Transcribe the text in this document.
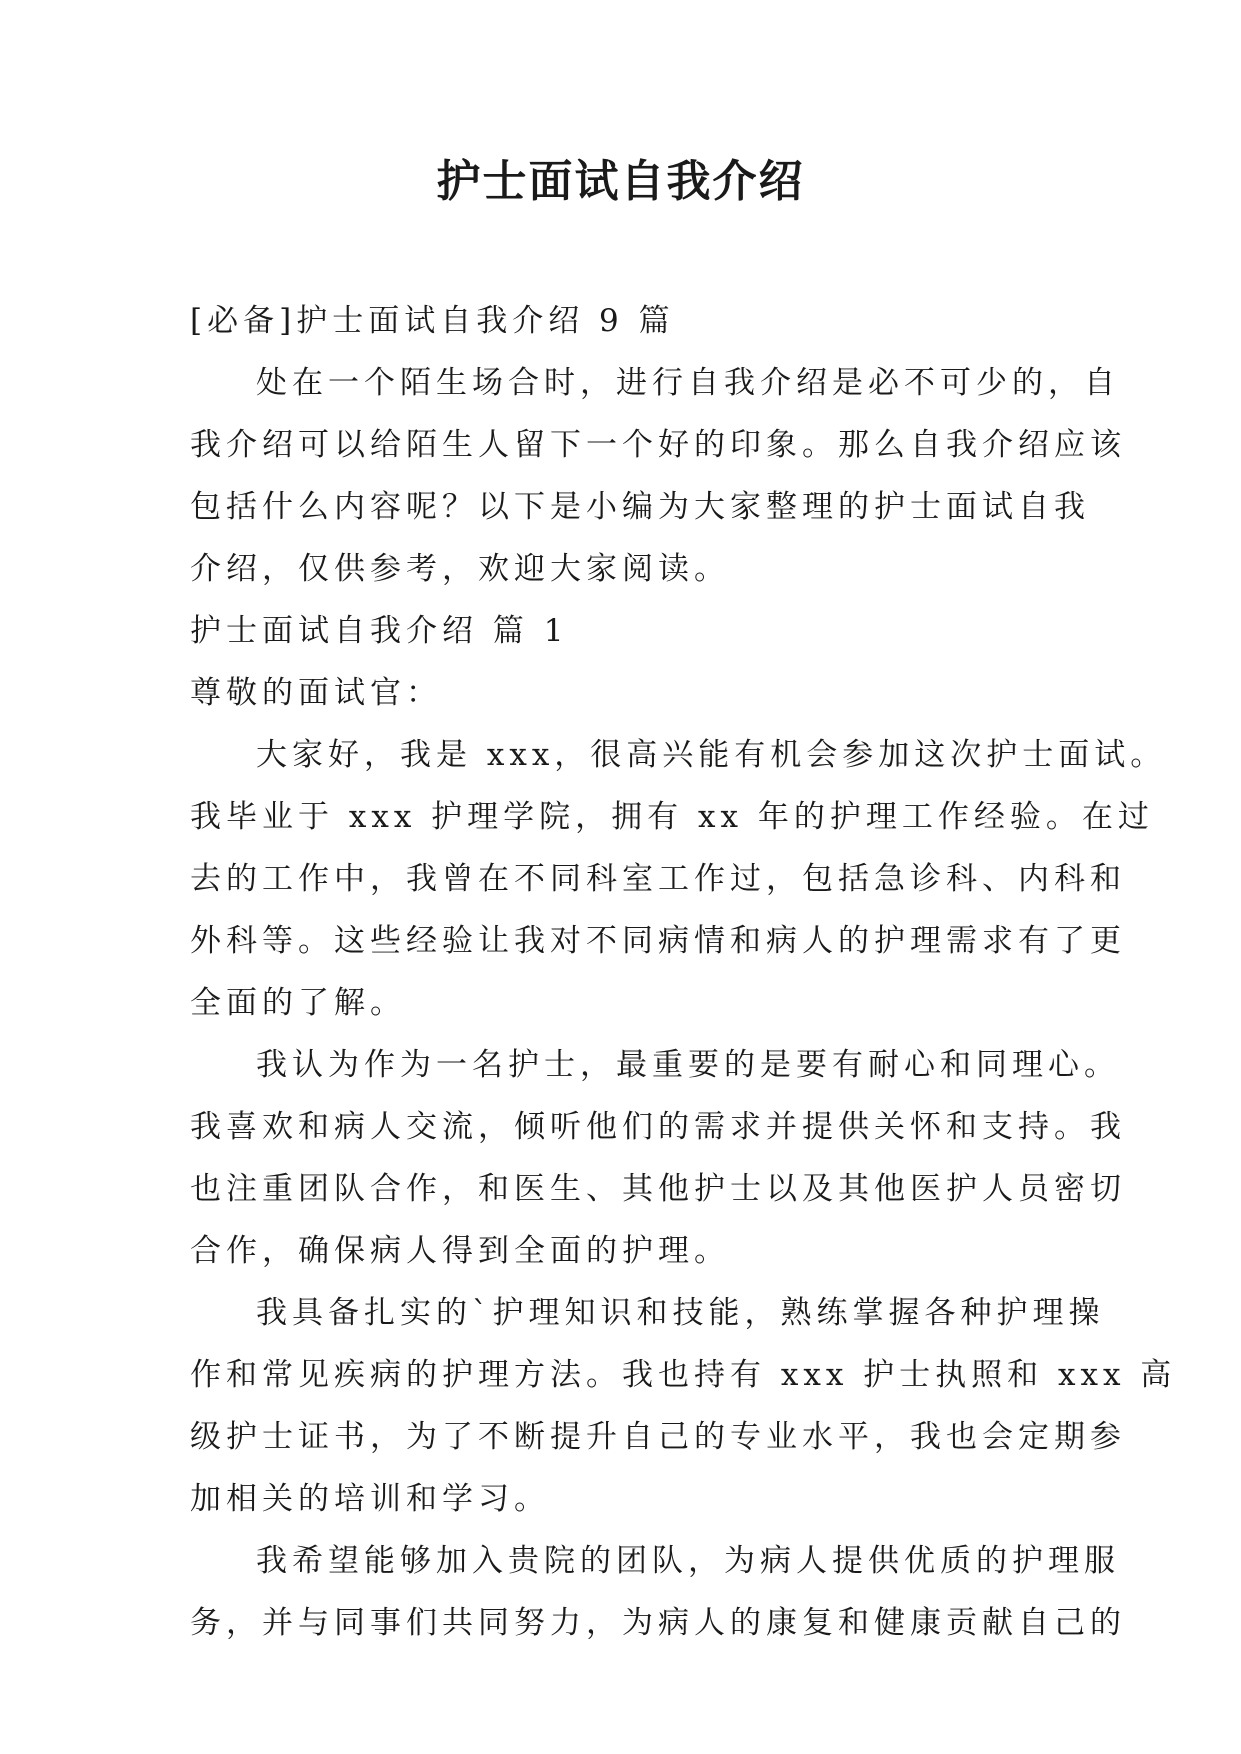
护士面试自我介绍
[必备]护士面试自我介绍 9 篇
处在一个陌生场合时，进行自我介绍是必不可少的，自
我介绍可以给陌生人留下一个好的印象。那么自我介绍应该
包括什么内容呢？以下是小编为大家整理的护士面试自我
介绍，仅供参考，欢迎大家阅读。
护士面试自我介绍 篇 1
尊敬的面试官：
大家好，我是 xxx，很高兴能有机会参加这次护士面试。
我毕业于 xxx 护理学院，拥有 xx 年的护理工作经验。在过
去的工作中，我曾在不同科室工作过，包括急诊科、内科和
外科等。这些经验让我对不同病情和病人的护理需求有了更
全面的了解。
我认为作为一名护士，最重要的是要有耐心和同理心。
我喜欢和病人交流，倾听他们的需求并提供关怀和支持。我
也注重团队合作，和医生、其他护士以及其他医护人员密切
合作，确保病人得到全面的护理。
我具备扎实的`护理知识和技能，熟练掌握各种护理操
作和常见疾病的护理方法。我也持有 xxx 护士执照和 xxx 高
级护士证书，为了不断提升自己的专业水平，我也会定期参
加相关的培训和学习。
我希望能够加入贵院的团队，为病人提供优质的护理服
务，并与同事们共同努力，为病人的康复和健康贡献自己的
